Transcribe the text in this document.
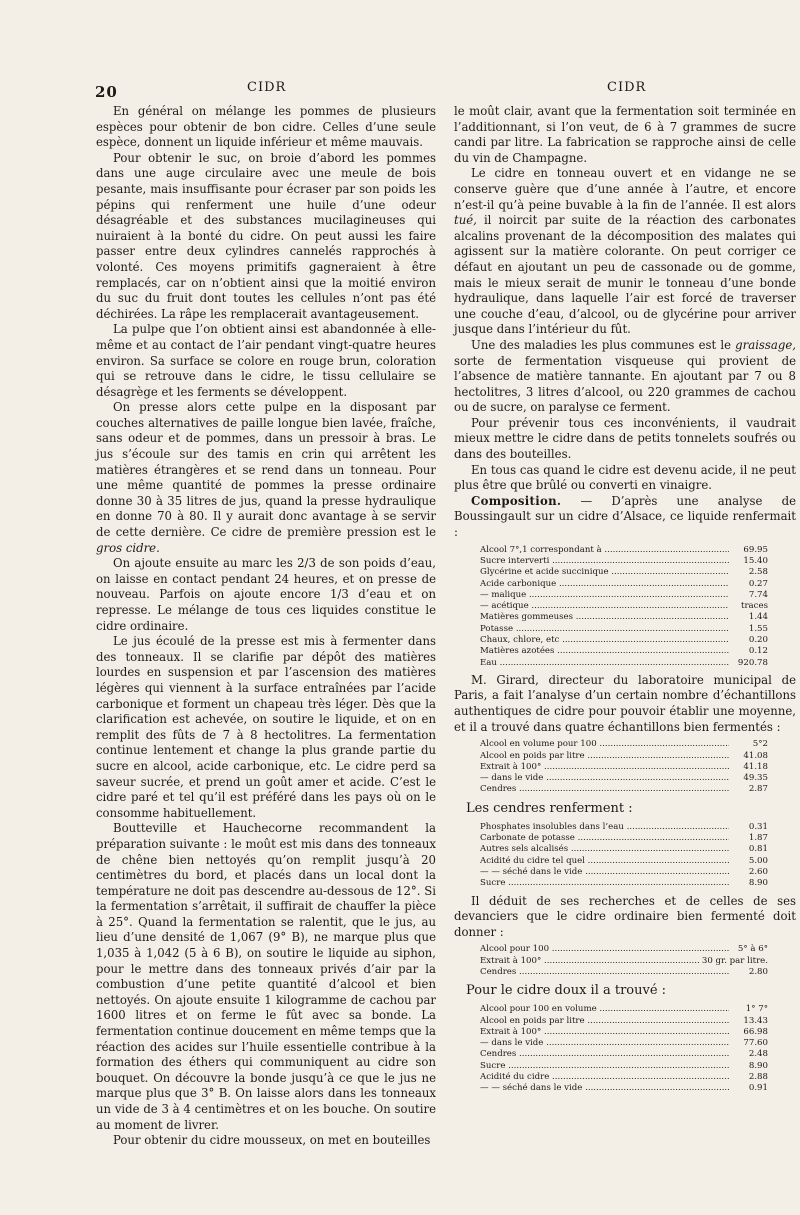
20	CIDR	CIDR

En général on mélange les pommes de plusieurs espèces pour obtenir de bon cidre. Celles d’une seule espèce, donnent un liquide inférieur et même mauvais.

Pour obtenir le suc, on broie d’abord les pommes dans une auge circulaire avec une meule de bois pesante, mais insuffisante pour écraser par son poids les pépins qui renferment une huile d’une odeur désagréable et des substances mucilagineuses qui nuiraient à la bonté du cidre. On peut aussi les faire passer entre deux cylindres cannelés rapprochés à volonté. Ces moyens primitifs gagneraient à être remplacés, car on n’obtient ainsi que la moitié environ du suc du fruit dont toutes les cellules n’ont pas été déchirées. La râpe les remplacerait avantageusement.

La pulpe que l’on obtient ainsi est abandonnée à elle-même et au contact de l’air pendant vingt-quatre heures environ. Sa surface se colore en rouge brun, coloration qui se retrouve dans le cidre, le tissu cellulaire se désagrège et les ferments se développent.

On presse alors cette pulpe en la disposant par couches alternatives de paille longue bien lavée, fraîche, sans odeur et de pommes, dans un pressoir à bras. Le jus s’écoule sur des tamis en crin qui arrêtent les matières étrangères et se rend dans un tonneau. Pour une même quantité de pommes la presse ordinaire donne 30 à 35 litres de jus, quand la presse hydraulique en donne 70 à 80. Il y aurait donc avantage à se servir de cette dernière. Ce cidre de première pression est le gros cidre.

On ajoute ensuite au marc les 2/3 de son poids d’eau, on laisse en contact pendant 24 heures, et on presse de nouveau. Parfois on ajoute encore 1/3 d’eau et on represse. Le mélange de tous ces liquides constitue le cidre ordinaire.

Le jus écoulé de la presse est mis à fermenter dans des tonneaux. Il se clarifie par dépôt des matières lourdes en suspension et par l’ascension des matières légères qui viennent à la surface entraînées par l’acide carbonique et forment un chapeau très léger. Dès que la clarification est achevée, on soutire le liquide, et on en remplit des fûts de 7 à 8 hectolitres. La fermentation continue lentement et change la plus grande partie du sucre en alcool, acide carbonique, etc. Le cidre perd sa saveur sucrée, et prend un goût amer et acide. C’est le cidre paré et tel qu’il est préféré dans les pays où on le consomme habituellement.

Boutteville et Hauchecorne recommandent la préparation suivante : le moût est mis dans des tonneaux de chêne bien nettoyés qu’on remplit jusqu’à 20 centimètres du bord, et placés dans un local dont la température ne doit pas descendre au-dessous de 12°. Si la fermentation s’arrêtait, il suffirait de chauffer la pièce à 25°. Quand la fermentation se ralentit, que le jus, au lieu d’une densité de 1,067 (9° B), ne marque plus que 1,035 à 1,042 (5 à 6 B), on soutire le liquide au siphon, pour le mettre dans des tonneaux privés d’air par la combustion d’une petite quantité d’alcool et bien nettoyés. On ajoute ensuite 1 kilogramme de cachou par 1600 litres et on ferme le fût avec sa bonde. La fermentation continue doucement en même temps que la réaction des acides sur l’huile essentielle contribue à la formation des éthers qui communiquent au cidre son bouquet. On découvre la bonde jusqu’à ce que le jus ne marque plus que 3° B. On laisse alors dans les tonneaux un vide de 3 à 4 centimètres et on les bouche. On soutire au moment de livrer.

Pour obtenir du cidre mousseux, on met en bouteilles

le moût clair, avant que la fermentation soit terminée en l’additionnant, si l’on veut, de 6 à 7 grammes de sucre candi par litre. La fabrication se rapproche ainsi de celle du vin de Champagne.

Le cidre en tonneau ouvert et en vidange ne se conserve guère que d’une année à l’autre, et encore n’est-il qu’à peine buvable à la fin de l’année. Il est alors tué, il noircit par suite de la réaction des carbonates alcalins provenant de la décomposition des malates qui agissent sur la matière colorante. On peut corriger ce défaut en ajoutant un peu de cassonade ou de gomme, mais le mieux serait de munir le tonneau d’une bonde hydraulique, dans laquelle l’air est forcé de traverser une couche d’eau, d’alcool, ou de glycérine pour arriver jusque dans l’intérieur du fût.

Une des maladies les plus communes est le graissage, sorte de fermentation visqueuse qui provient de l’absence de matière tannante. En ajoutant par 7 ou 8 hectolitres, 3 litres d’alcool, ou 220 grammes de cachou ou de sucre, on paralyse ce ferment.

Pour prévenir tous ces inconvénients, il vaudrait mieux mettre le cidre dans de petits tonnelets soufrés ou dans des bouteilles.

En tous cas quand le cidre est devenu acide, il ne peut plus être que brûlé ou converti en vinaigre.

Composition. — D’après une analyse de Boussingault sur un cidre d’Alsace, ce liquide renfermait :

Alcool 7°,1 correspondant à .....	69.95
Sucre interverti .....	15.40
Glycérine et acide succinique .....	2.58
Acide carbonique .....	0.27
— malique .....	7.74
— acétique .....	traces
Matières gommeuses .....	1.44
Potasse .....	1.55
Chaux, chlore, etc .....	0.20
Matières azotées .....	0.12
Eau .....	920.78

M. Girard, directeur du laboratoire municipal de Paris, a fait l’analyse d’un certain nombre d’échantillons authentiques de cidre pour pouvoir établir une moyenne, et il a trouvé dans quatre échantillons bien fermentés :

Alcool en volume pour 100 .....	5°2
Alcool en poids par litre .....	41.08
Extrait à 100° .....	41.18
— dans le vide .....	49.35
Cendres .....	2.87

Les cendres renferment :

Phosphates insolubles dans l’eau .....	0.31
Carbonate de potasse .....	1.87
Autres sels alcalisés .....	0.81
Acidité du cidre tel quel .....	5.00
— — séché dans le vide .....	2.60
Sucre .....	8.90

Il déduit de ses recherches et de celles de ses devanciers que le cidre ordinaire bien fermenté doit donner :

Alcool pour 100 .....	5° à 6°
Extrait à 100° .....	30 gr. par litre.
Cendres .....	2.80

Pour le cidre doux il a trouvé :

Alcool pour 100 en volume .....	1° 7°
Alcool en poids par litre .....	13.43
Extrait à 100° .....	66.98
— dans le vide .....	77.60
Cendres .....	2.48
Sucre .....	8.90
Acidité du cidre .....	2.88
— — séché dans le vide .....	0.91
